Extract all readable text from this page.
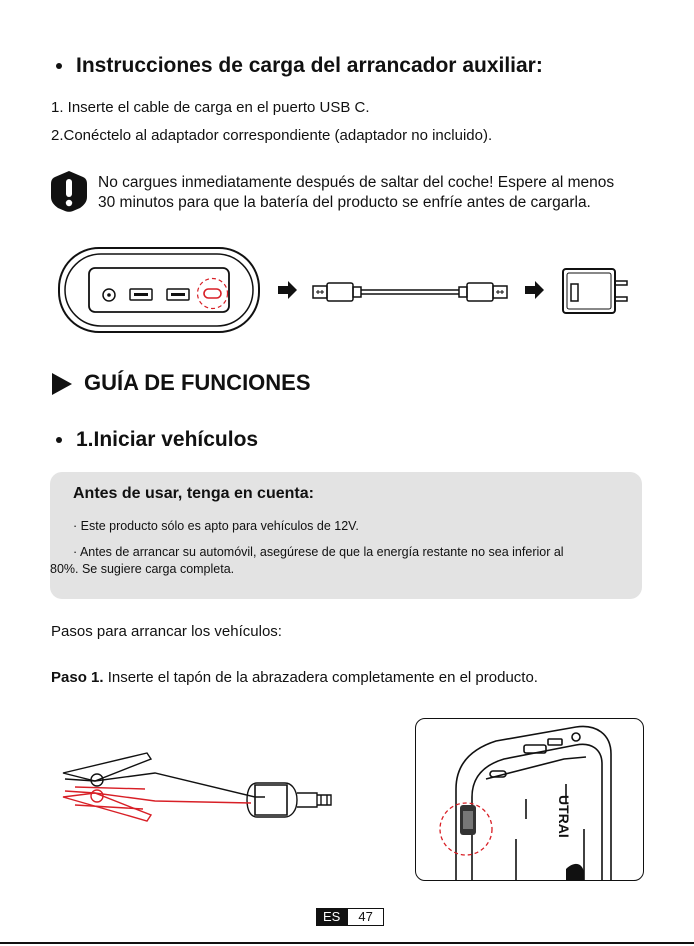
Instrucciones de carga del arrancador auxiliar:
1. Inserte el cable de carga en el puerto USB C.
2.Conéctelo al adaptador correspondiente (adaptador no incluido).
No cargues inmediatamente después de saltar del coche! Espere al menos
30 minutos para que la batería del producto se enfríe antes de cargarla.
GUÍA DE FUNCIONES
1.Iniciar vehículos
Antes de usar, tenga en cuenta:
· Este producto sólo es apto para vehículos de 12V.
· Antes de arrancar su automóvil, asegúrese de que la energía restante no sea inferior al
80%. Se sugiere carga completa.
Pasos para arrancar los vehículos:
Paso 1. Inserte el tapón de la abrazadera completamente en el producto.
UTRAI
ES	47
